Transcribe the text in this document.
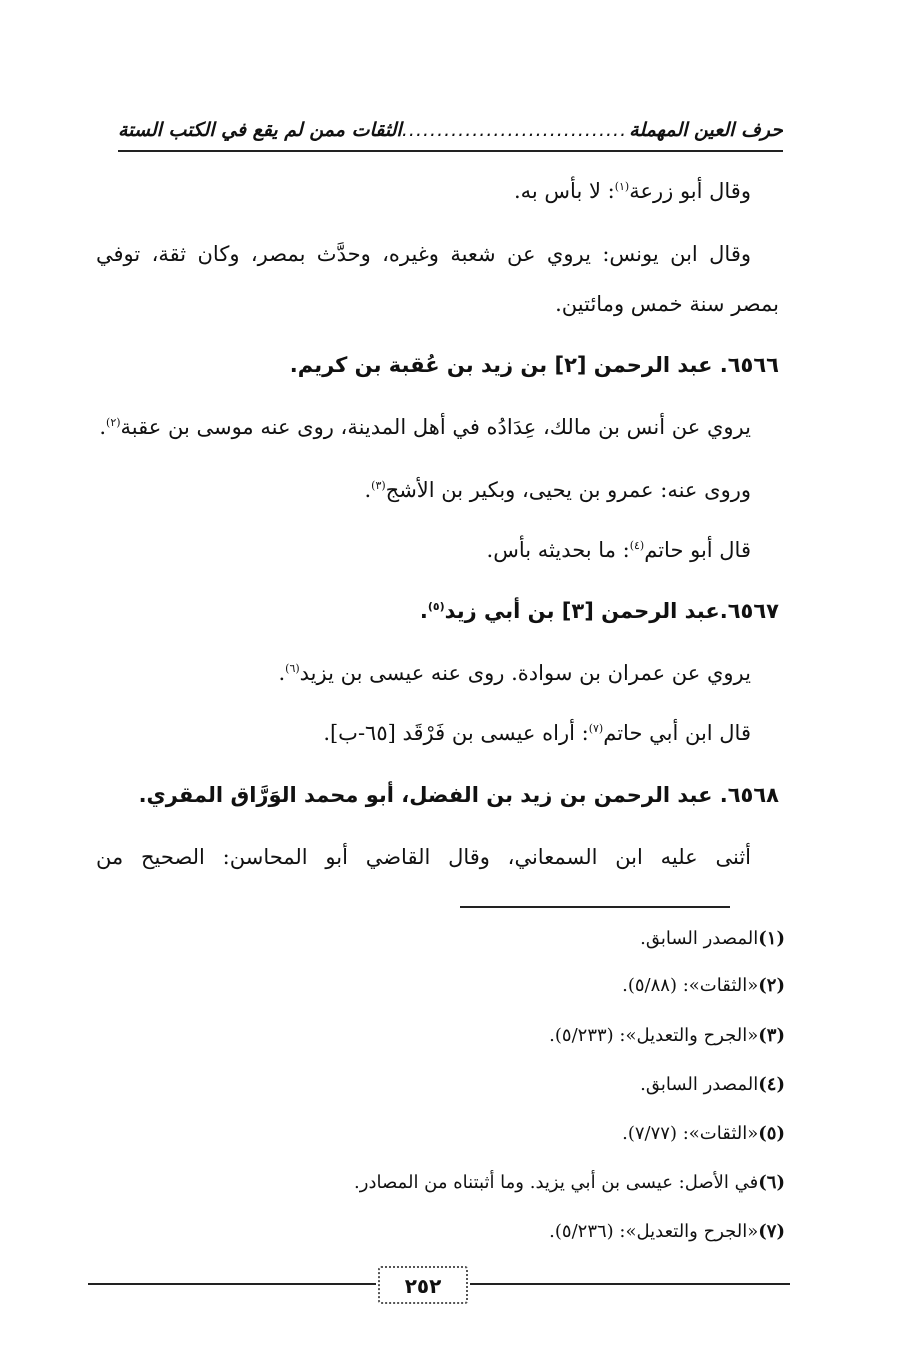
حرف العين المهملة
.....
الثقات ممن لم يقع في الكتب الستة
وقال أبو زرعة$^{(١)}$: لا بأس به.
وقال ابن يونس: يروي عن شعبة وغيره، وحدَّث بمصر، وكان ثقة، توفي
بمصر سنة خمس ومائتين.
٦٥٦٦. عبد الرحمن [٢] بن زيد بن عُقبة بن كريم.
يروي عن أنس بن مالك، عِدَادُه في أهل المدينة، روى عنه موسى بن عقبة$^{(٢)}$.
وروى عنه: عمرو بن يحيى، وبكير بن الأشج$^{(٣)}$.
قال أبو حاتم$^{(٤)}$: ما بحديثه بأس.
٦٥٦٧.عبد الرحمن [٣] بن أبي زيد$^{(٥)}$.
يروي عن عمران بن سوادة. روى عنه عيسى بن يزيد$^{(٦)}$.
قال ابن أبي حاتم$^{(٧)}$: أراه عيسى بن فَرْقَد [٦٥-ب].
٦٥٦٨. عبد الرحمن بن زيد بن الفضل، أبو محمد الوَرَّاق المقري.
أثنى عليه ابن السمعاني، وقال القاضي أبو المحاسن: الصحيح من
(١)المصدر السابق.
(٢)«الثقات»: (٥/٨٨).
(٣)«الجرح والتعديل»: (٥/٢٣٣).
(٤)المصدر السابق.
(٥)«الثقات»: (٧/٧٧).
(٦)في الأصل: عيسى بن أبي يزيد. وما أثبتناه من المصادر.
(٧)«الجرح والتعديل»: (٥/٢٣٦).
٢٥٢
